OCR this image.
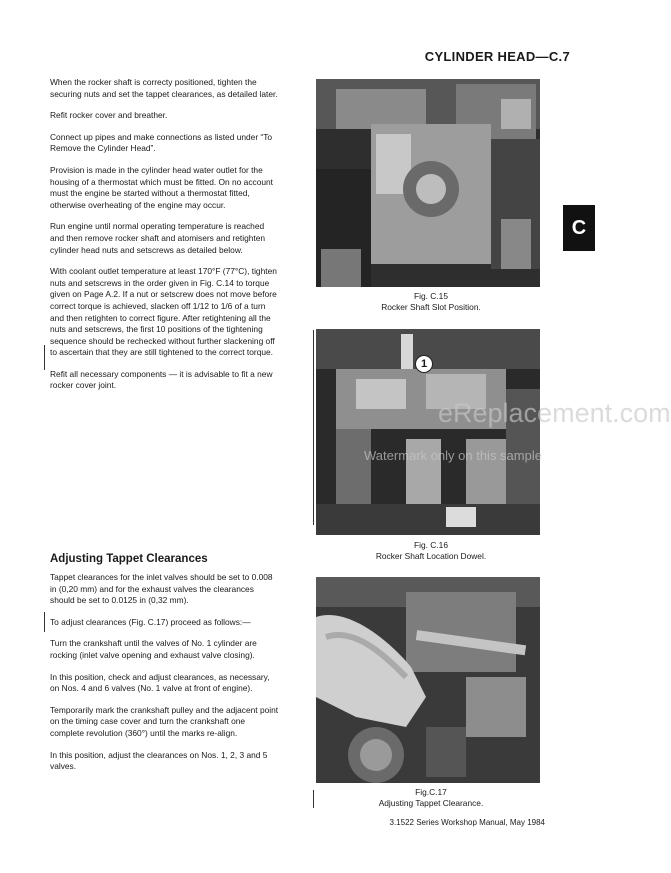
CYLINDER HEAD—C.7
C

When the rocker shaft is correcty positioned, tighten the securing nuts and set the tappet clearances, as detailed later.

Refit rocker cover and breather.

Connect up pipes and make connections as listed under “To Remove the Cylinder Head”.

Provision is made in the cylinder head water outlet for the housing of a thermostat which must be fitted. On no account must the engine be started without a thermostat fitted, otherwise overheating of the engine may occur.

Run engine until normal operating temperature is reached and then remove rocker shaft and atomisers and retighten cylinder head nuts and setscrews as detailed below.

With coolant outlet temperature at least 170°F (77°C), tighten nuts and setscrews in the order given in Fig. C.14 to torque given on Page A.2. If a nut or setscrew does not move before correct torque is achieved, slacken off 1/12 to 1/6 of a turn and then retighten to correct figure. After retightening all the nuts and setscrews, the first 10 positions of the tightening sequence should be rechecked without further slackening off to ascertain that they are still tightened to the correct torque.

Refit all necessary components — it is advisable to fit a new rocker cover joint.

Adjusting Tappet Clearances

Tappet clearances for the inlet valves should be set to 0.008 in (0,20 mm) and for the exhaust valves the clearances should be set to 0.0125 in (0,32 mm).

To adjust clearances (Fig. C.17) proceed as follows:—

Turn the crankshaft until the valves of No. 1 cylinder are rocking (inlet valve opening and exhaust valve closing).

In this position, check and adjust clearances, as necessary, on Nos. 4 and 6 valves (No. 1 valve at front of engine).

Temporarily mark the crankshaft pulley and the adjacent point on the timing case cover and turn the crankshaft one complete revolution (360°) until the marks re-align.

In this position, adjust the clearances on Nos. 1, 2, 3 and 5 valves.

Fig. C.15
Rocker Shaft Slot Position.
1
Fig. C.16
Rocker Shaft Location Dowel.
Fig.C.17
Adjusting Tappet Clearance.
eReplacement.com
Watermark only on this sample
3.1522 Series Workshop Manual, May 1984
